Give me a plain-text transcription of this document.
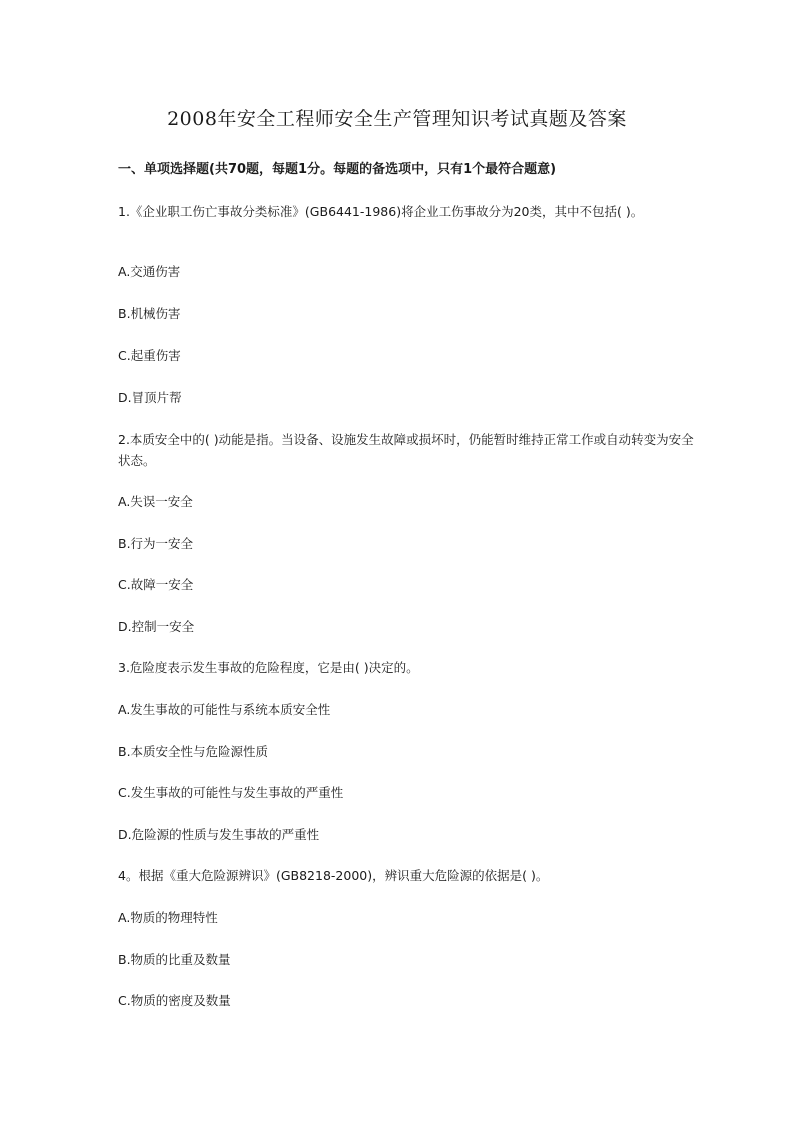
2008年安全工程师安全生产管理知识考试真题及答案
一、单项选择题(共70题，每题1分。每题的备选项中，只有1个最符合题意)
1.《企业职工伤亡事故分类标准》(GB6441-1986)将企业工伤事故分为20类，其中不包括( )。
A.交通伤害
B.机械伤害
C.起重伤害
D.冒顶片帮
2.本质安全中的( )动能是指。当设备、设施发生故障或损坏时，仍能暂时维持正常工作或自动转变为安全状态。
A.失误一安全
B.行为一安全
C.故障一安全
D.控制一安全
3.危险度表示发生事故的危险程度，它是由( )决定的。
A.发生事故的可能性与系统本质安全性
B.本质安全性与危险源性质
C.发生事故的可能性与发生事故的严重性
D.危险源的性质与发生事故的严重性
4。根据《重大危险源辨识》(GB8218-2000)，辨识重大危险源的依据是( )。
A.物质的物理特性
B.物质的比重及数量
C.物质的密度及数量
